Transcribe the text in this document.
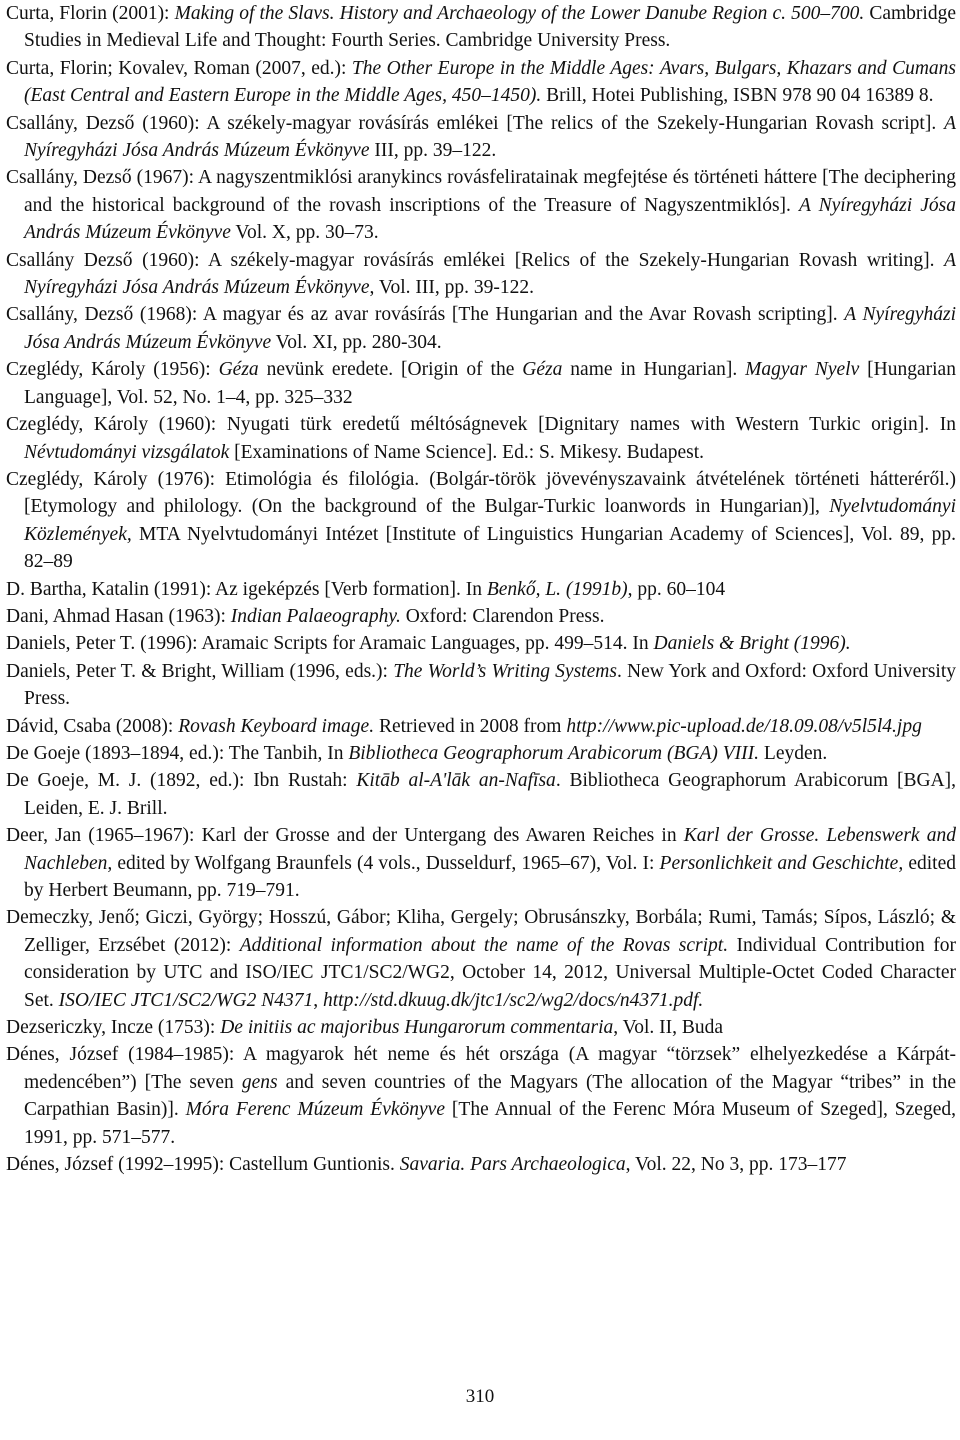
Curta, Florin (2001): Making of the Slavs. History and Archaeology of the Lower Danube Region c. 500–700. Cambridge Studies in Medieval Life and Thought: Fourth Series. Cambridge University Press.

Curta, Florin; Kovalev, Roman (2007, ed.): The Other Europe in the Middle Ages: Avars, Bulgars, Khazars and Cumans (East Central and Eastern Europe in the Middle Ages, 450–1450). Brill, Hotei Publishing, ISBN 978 90 04 16389 8.

Csallány, Dezső (1960): A székely-magyar rovásírás emlékei [The relics of the Szekely-Hungarian Rovash script]. A Nyíregyházi Jósa András Múzeum Évkönyve III, pp. 39–122.

Csallány, Dezső (1967): A nagyszentmiklósi aranykincs rovásfeliratainak megfejtése és történeti háttere [The deciphering and the historical background of the rovash inscriptions of the Treasure of Nagyszentmiklós]. A Nyíregyházi Jósa András Múzeum Évkönyve Vol. X, pp. 30–73.

Csallány Dezső (1960): A székely-magyar rovásírás emlékei [Relics of the Szekely-Hungarian Rovash writing]. A Nyíregyházi Jósa András Múzeum Évkönyve, Vol. III, pp. 39-122.

Csallány, Dezső (1968): A magyar és az avar rovásírás [The Hungarian and the Avar Rovash scripting]. A Nyíregyházi Jósa András Múzeum Évkönyve Vol. XI, pp. 280-304.

Czeglédy, Károly (1956): Géza nevünk eredete. [Origin of the Géza name in Hungarian]. Magyar Nyelv [Hungarian Language], Vol. 52, No. 1–4, pp. 325–332

Czeglédy, Károly (1960): Nyugati türk eredetű méltóságnevek [Dignitary names with Western Turkic origin]. In Névtudományi vizsgálatok [Examinations of Name Science]. Ed.: S. Mikesy. Budapest.

Czeglédy, Károly (1976): Etimológia és filológia. (Bolgár-török jövevényszavaink átvételének történeti hátteréről.) [Etymology and philology. (On the background of the Bulgar-Turkic loanwords in Hungarian)], Nyelvtudományi Közlemények, MTA Nyelvtudományi Intézet [Institute of Linguistics Hungarian Academy of Sciences], Vol. 89, pp. 82–89

D. Bartha, Katalin (1991): Az igeképzés [Verb formation]. In Benkő, L. (1991b), pp. 60–104

Dani, Ahmad Hasan (1963): Indian Palaeography. Oxford: Clarendon Press.

Daniels, Peter T. (1996): Aramaic Scripts for Aramaic Languages, pp. 499–514. In Daniels & Bright (1996).

Daniels, Peter T. & Bright, William (1996, eds.): The World’s Writing Systems. New York and Oxford: Oxford University Press.

Dávid, Csaba (2008): Rovash Keyboard image. Retrieved in 2008 from http://www.pic-upload.de/18.09.08/v5l5l4.jpg

De Goeje (1893–1894, ed.): The Tanbih, In Bibliotheca Geographorum Arabicorum (BGA) VIII. Leyden.

De Goeje, M. J. (1892, ed.): Ibn Rustah: Kitāb al-A'lāk an-Nafīsa. Bibliotheca Geographorum Arabicorum [BGA], Leiden, E. J. Brill.

Deer, Jan (1965–1967): Karl der Grosse and der Untergang des Awaren Reiches in Karl der Grosse. Lebenswerk and Nachleben, edited by Wolfgang Braunfels (4 vols., Dusseldurf, 1965–67), Vol. I: Personlichkeit and Geschichte, edited by Herbert Beumann, pp. 719–791.

Demeczky, Jenő; Giczi, György; Hosszú, Gábor; Kliha, Gergely; Obrusánszky, Borbála; Rumi, Tamás; Sípos, László; & Zelliger, Erzsébet (2012): Additional information about the name of the Rovas script. Individual Contribution for consideration by UTC and ISO/IEC JTC1/SC2/WG2, October 14, 2012, Universal Multiple-Octet Coded Character Set. ISO/IEC JTC1/SC2/WG2 N4371, http://std.dkuug.dk/jtc1/sc2/wg2/docs/n4371.pdf.

Dezsericzky, Incze (1753): De initiis ac majoribus Hungarorum commentaria, Vol. II, Buda

Dénes, József (1984–1985): A magyarok hét neme és hét országa (A magyar “törzsek” elhelyezkedése a Kárpát-medencében”) [The seven gens and seven countries of the Magyars (The allocation of the Magyar “tribes” in the Carpathian Basin)]. Móra Ferenc Múzeum Évkönyve [The Annual of the Ferenc Móra Museum of Szeged], Szeged, 1991, pp. 571–577.

Dénes, József (1992–1995): Castellum Guntionis. Savaria. Pars Archaeologica, Vol. 22, No 3, pp. 173–177

310
